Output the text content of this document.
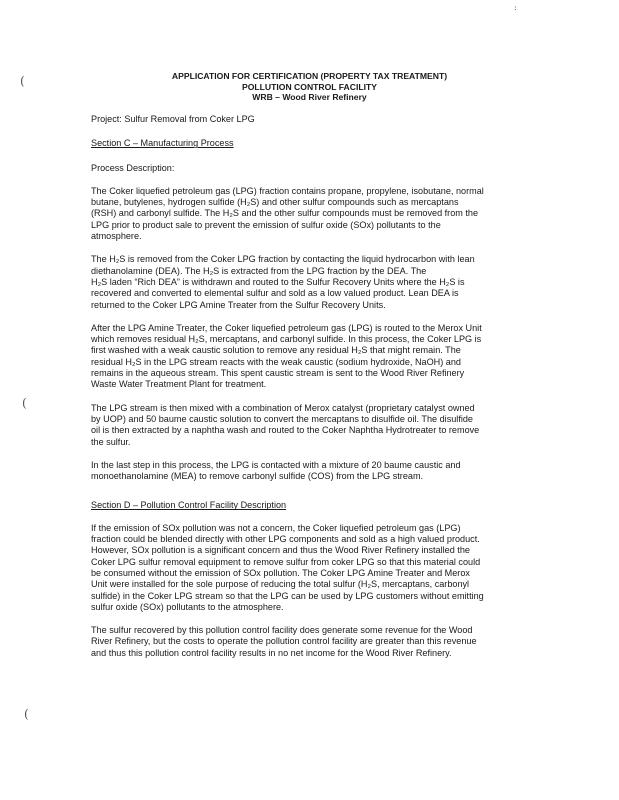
:
(
(
(
APPLICATION FOR CERTIFICATION (PROPERTY TAX TREATMENT)
POLLUTION CONTROL FACILITY
WRB – Wood River Refinery
Project: Sulfur Removal from Coker LPG
Section C – Manufacturing Process
Process Description:
The Coker liquefied petroleum gas (LPG) fraction contains propane, propylene, isobutane, normal
butane, butylenes, hydrogen sulfide (H₂S) and other sulfur compounds such as mercaptans
(RSH) and carbonyl sulfide. The H₂S and the other sulfur compounds must be removed from the
LPG prior to product sale to prevent the emission of sulfur oxide (SOx) pollutants to the
atmosphere.
The H₂S is removed from the Coker LPG fraction by contacting the liquid hydrocarbon with lean
diethanolamine (DEA). The H₂S is extracted from the LPG fraction by the DEA. The
H₂S laden “Rich DEA” is withdrawn and routed to the Sulfur Recovery Units where the H₂S is
recovered and converted to elemental sulfur and sold as a low valued product. Lean DEA is
returned to the Coker LPG Amine Treater from the Sulfur Recovery Units.
After the LPG Amine Treater, the Coker liquefied petroleum gas (LPG) is routed to the Merox Unit
which removes residual H₂S, mercaptans, and carbonyl sulfide. In this process, the Coker LPG is
first washed with a weak caustic solution to remove any residual H₂S that might remain. The
residual H₂S in the LPG stream reacts with the weak caustic (sodium hydroxide, NaOH) and
remains in the aqueous stream. This spent caustic stream is sent to the Wood River Refinery
Waste Water Treatment Plant for treatment.
The LPG stream is then mixed with a combination of Merox catalyst (proprietary catalyst owned
by UOP) and 50 baume caustic solution to convert the mercaptans to disulfide oil. The disulfide
oil is then extracted by a naphtha wash and routed to the Coker Naphtha Hydrotreater to remove
the sulfur.
In the last step in this process, the LPG is contacted with a mixture of 20 baume caustic and
monoethanolamine (MEA) to remove carbonyl sulfide (COS) from the LPG stream.
Section D – Pollution Control Facility Description
If the emission of SOx pollution was not a concern, the Coker liquefied petroleum gas (LPG)
fraction could be blended directly with other LPG components and sold as a high valued product.
However, SOx pollution is a significant concern and thus the Wood River Refinery installed the
Coker LPG sulfur removal equipment to remove sulfur from coker LPG so that this material could
be consumed without the emission of SOx pollution. The Coker LPG Amine Treater and Merox
Unit were installed for the sole purpose of reducing the total sulfur (H₂S, mercaptans, carbonyl
sulfide) in the Coker LPG stream so that the LPG can be used by LPG customers without emitting
sulfur oxide (SOx) pollutants to the atmosphere.
The sulfur recovered by this pollution control facility does generate some revenue for the Wood
River Refinery, but the costs to operate the pollution control facility are greater than this revenue
and thus this pollution control facility results in no net income for the Wood River Refinery.
